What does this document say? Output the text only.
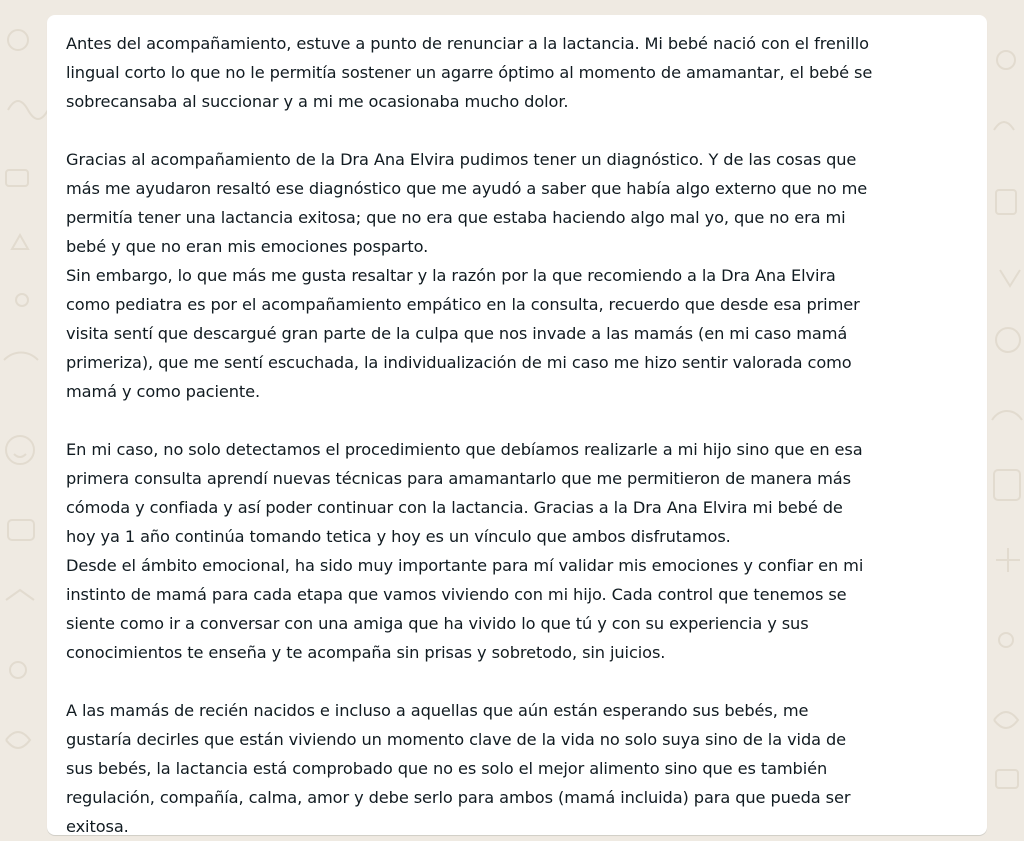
Antes del acompañamiento, estuve a punto de renunciar a la lactancia. Mi bebé nació con el frenillo
lingual corto lo que no le permitía sostener un agarre óptimo al momento de amamantar, el bebé se
sobrecansaba al succionar y a mi me ocasionaba mucho dolor.
Gracias al acompañamiento de la Dra Ana Elvira pudimos tener un diagnóstico. Y de las cosas que
más me ayudaron resaltó ese diagnóstico que me ayudó a saber que había algo externo que no me
permitía tener una lactancia exitosa; que no era que estaba haciendo algo mal yo, que no era mi
bebé y que no eran mis emociones posparto.
Sin embargo, lo que más me gusta resaltar y la razón por la que recomiendo a la Dra Ana Elvira
como pediatra es por el acompañamiento empático en la consulta, recuerdo que desde esa primer
visita sentí que descargué gran parte de la culpa que nos invade a las mamás (en mi caso mamá
primeriza), que me sentí escuchada, la individualización de mi caso me hizo sentir valorada como
mamá y como paciente.
En mi caso, no solo detectamos el procedimiento que debíamos realizarle a mi hijo sino que en esa
primera consulta aprendí nuevas técnicas para amamantarlo que me permitieron de manera más
cómoda y confiada y así poder continuar con la lactancia. Gracias a la Dra Ana Elvira mi bebé de
hoy ya 1 año continúa tomando tetica y hoy es un vínculo que ambos disfrutamos.
Desde el ámbito emocional, ha sido muy importante para mí validar mis emociones y confiar en mi
instinto de mamá para cada etapa que vamos viviendo con mi hijo. Cada control que tenemos se
siente como ir a conversar con una amiga que ha vivido lo que tú y con su experiencia y sus
conocimientos te enseña y te acompaña sin prisas y sobretodo, sin juicios.
A las mamás de recién nacidos e incluso a aquellas que aún están esperando sus bebés, me
gustaría decirles que están viviendo un momento clave de la vida no solo suya sino de la vida de
sus bebés, la lactancia está comprobado que no es solo el mejor alimento sino que es también
regulación, compañía, calma, amor y debe serlo para ambos (mamá incluida) para que pueda ser
exitosa.
